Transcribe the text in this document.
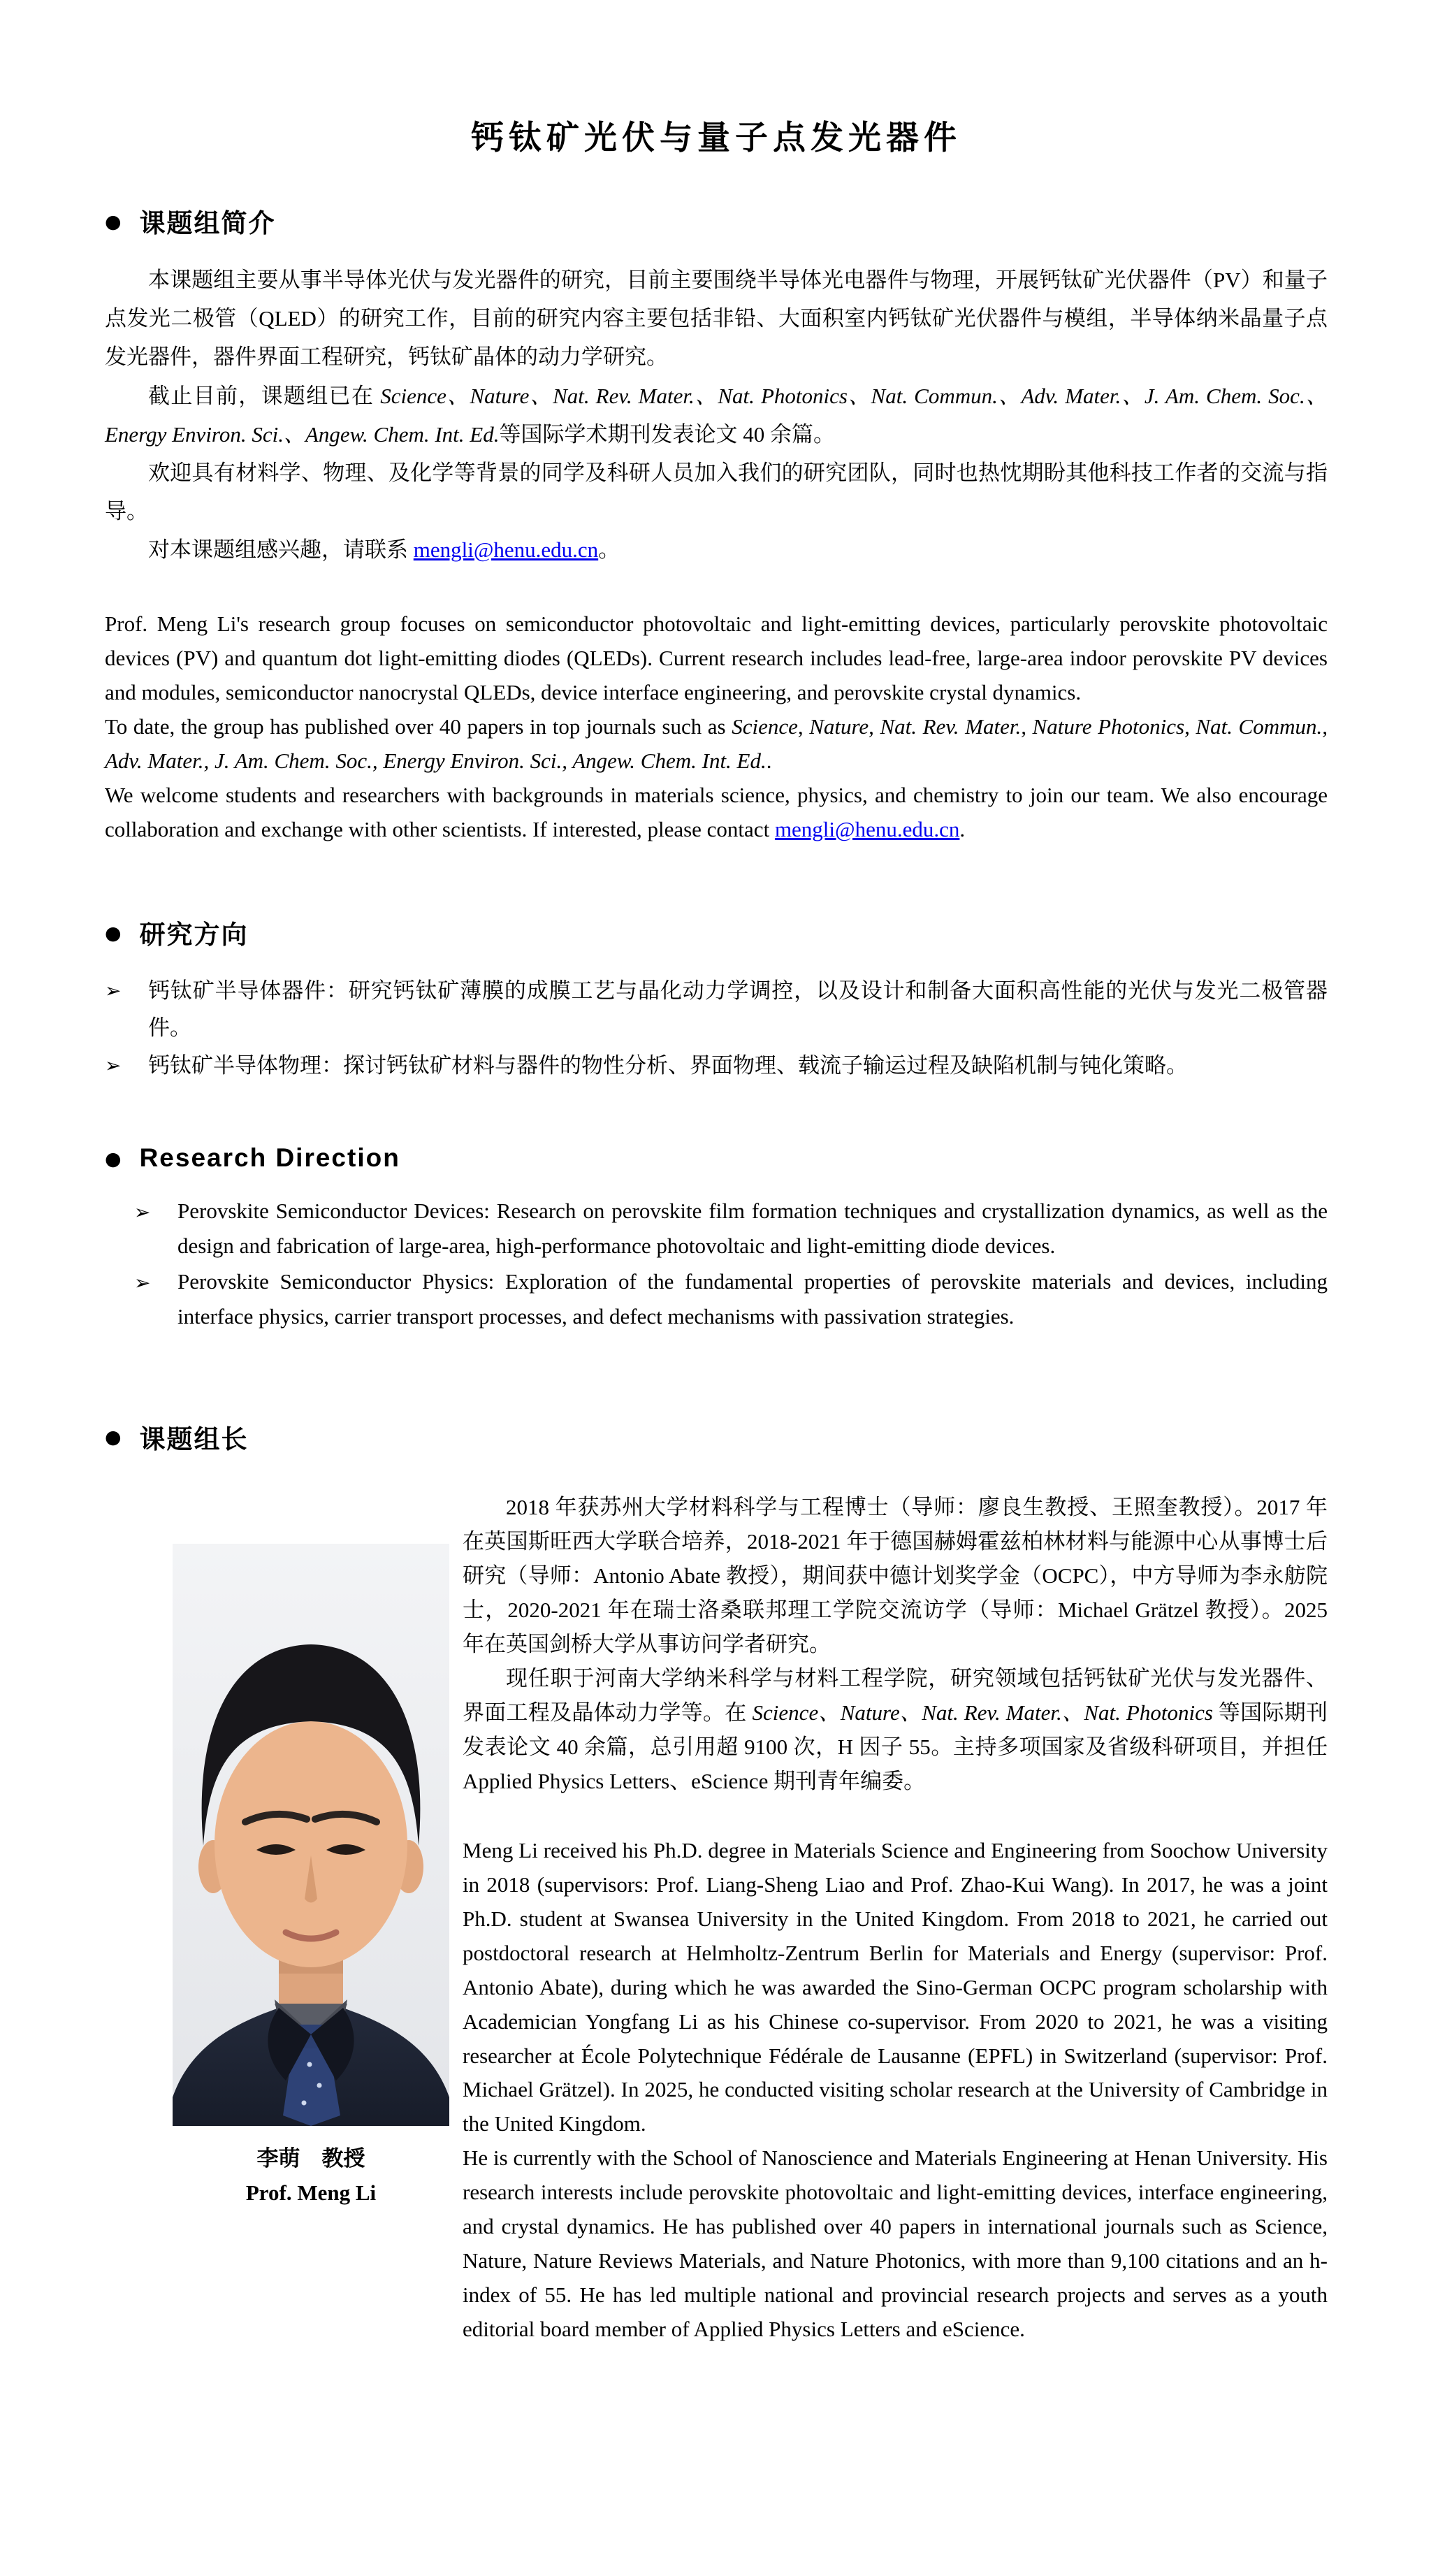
钙钛矿光伏与量子点发光器件
● 课题组简介

本课题组主要从事半导体光伏与发光器件的研究，目前主要围绕半导体光电器件与物理，开展钙钛矿光伏器件（PV）和量子点发光二极管（QLED）的研究工作，目前的研究内容主要包括非铅、大面积室内钙钛矿光伏器件与模组，半导体纳米晶量子点发光器件，器件界面工程研究，钙钛矿晶体的动力学研究。

截止目前，课题组已在 Science、Nature、Nat. Rev. Mater.、Nat. Photonics、Nat. Commun.、Adv. Mater.、J. Am. Chem. Soc.、Energy Environ. Sci.、Angew. Chem. Int. Ed.等国际学术期刊发表论文 40 余篇。

欢迎具有材料学、物理、及化学等背景的同学及科研人员加入我们的研究团队，同时也热忱期盼其他科技工作者的交流与指导。

对本课题组感兴趣，请联系 mengli@henu.edu.cn。

Prof. Meng Li's research group focuses on semiconductor photovoltaic and light-emitting devices, particularly perovskite photovoltaic devices (PV) and quantum dot light-emitting diodes (QLEDs). Current research includes lead-free, large-area indoor perovskite PV devices and modules, semiconductor nanocrystal QLEDs, device interface engineering, and perovskite crystal dynamics.

To date, the group has published over 40 papers in top journals such as Science, Nature, Nat. Rev. Mater., Nature Photonics, Nat. Commun., Adv. Mater., J. Am. Chem. Soc., Energy Environ. Sci., Angew. Chem. Int. Ed..

We welcome students and researchers with backgrounds in materials science, physics, and chemistry to join our team. We also encourage collaboration and exchange with other scientists. If interested, please contact mengli@henu.edu.cn.

● 研究方向
➢	钙钛矿半导体器件：研究钙钛矿薄膜的成膜工艺与晶化动力学调控，以及设计和制备大面积高性能的光伏与发光二极管器件。
➢	钙钛矿半导体物理：探讨钙钛矿材料与器件的物性分析、界面物理、载流子输运过程及缺陷机制与钝化策略。
● Research Direction
➢	Perovskite Semiconductor Devices: Research on perovskite film formation techniques and crystallization dynamics, as well as the design and fabrication of large-area, high-performance photovoltaic and light-emitting diode devices.
➢	Perovskite Semiconductor Physics: Exploration of the fundamental properties of perovskite materials and devices, including interface physics, carrier transport processes, and defect mechanisms with passivation strategies.
● 课题组长
李萌　教授
Prof. Meng Li

2018 年获苏州大学材料科学与工程博士（导师：廖良生教授、王照奎教授）。2017 年在英国斯旺西大学联合培养，2018-2021 年于德国赫姆霍兹柏林材料与能源中心从事博士后研究（导师：Antonio Abate 教授），期间获中德计划奖学金（OCPC），中方导师为李永舫院士，2020-2021 年在瑞士洛桑联邦理工学院交流访学（导师：Michael Grätzel 教授）。2025 年在英国剑桥大学从事访问学者研究。

现任职于河南大学纳米科学与材料工程学院，研究领域包括钙钛矿光伏与发光器件、界面工程及晶体动力学等。在 Science、Nature、Nat. Rev. Mater.、Nat. Photonics 等国际期刊发表论文 40 余篇，总引用超 9100 次，H 因子 55。主持多项国家及省级科研项目，并担任 Applied Physics Letters、eScience 期刊青年编委。

Meng Li received his Ph.D. degree in Materials Science and Engineering from Soochow University in 2018 (supervisors: Prof. Liang-Sheng Liao and Prof. Zhao-Kui Wang). In 2017, he was a joint Ph.D. student at Swansea University in the United Kingdom. From 2018 to 2021, he carried out postdoctoral research at Helmholtz-Zentrum Berlin for Materials and Energy (supervisor: Prof. Antonio Abate), during which he was awarded the Sino-German OCPC program scholarship with Academician Yongfang Li as his Chinese co-supervisor. From 2020 to 2021, he was a visiting researcher at École Polytechnique Fédérale de Lausanne (EPFL) in Switzerland (supervisor: Prof. Michael Grätzel). In 2025, he conducted visiting scholar research at the University of Cambridge in the United Kingdom.

He is currently with the School of Nanoscience and Materials Engineering at Henan University. His research interests include perovskite photovoltaic and light-emitting devices, interface engineering, and crystal dynamics. He has published over 40 papers in international journals such as Science, Nature, Nature Reviews Materials, and Nature Photonics, with more than 9,100 citations and an h-index of 55. He has led multiple national and provincial research projects and serves as a youth editorial board member of Applied Physics Letters and eScience.
